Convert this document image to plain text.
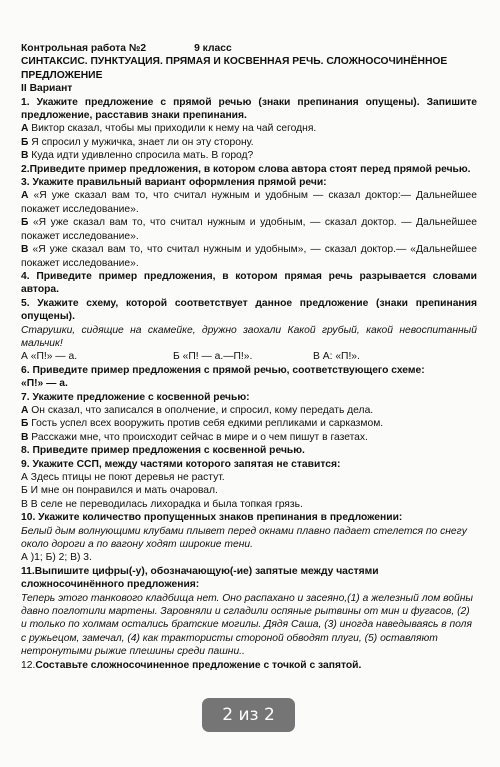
Контрольная работа №2	9 класс
СИНТАКСИС. ПУНКТУАЦИЯ. ПРЯМАЯ И КОСВЕННАЯ РЕЧЬ. СЛОЖНОСОЧИНЁННОЕ ПРЕДЛОЖЕНИЕ
II Вариант
1. Укажите предложение с прямой речью (знаки препинания опущены). Запишите предложение, расставив знаки препинания.
А Виктор сказал, чтобы мы приходили к нему на чай сегодня.
Б Я спросил у мужичка, знает ли он эту сторону.
В Куда идти удивленно спросила мать. В город?
2.Приведите пример предложения, в котором слова автора стоят перед прямой речью.
3. Укажите правильный вариант оформления прямой речи:
А «Я уже сказал вам то, что считал нужным и удобным — сказал доктор:— Дальнейшее покажет исследование».
Б «Я уже сказал вам то, что считал нужным и удобным, — сказал доктор. — Дальнейшее покажет исследование».
В «Я уже сказал вам то, что считал нужным и удобным», — сказал доктор.— «Дальнейшее покажет исследование».
4. Приведите пример предложения, в котором прямая речь разрывается словами автора.
5. Укажите схему, которой соответствует данное предложение (знаки препинания опущены).
Старушки, сидящие на скамейке, дружно заохали Какой грубый, какой невоспитанный мальчик!
А «П!» — а.	Б «П! — а.—П!».	В А: «П!».
6. Приведите пример предложения с прямой речью, соответствующего схеме:
«П!» — а.
7. Укажите предложение с косвенной речью:
А Он сказал, что записался в ополчение, и спросил, кому передать дела.
Б Гость успел всех вооружить против себя едкими репликами и сарказмом.
В Расскажи мне, что происходит сейчас в мире и о чем пишут в газетах.
8. Приведите пример предложения с косвенной речью.
9. Укажите ССП, между частями которого запятая не ставится:
А Здесь птицы не поют деревья не растут.
Б И мне он понравился и мать очаровал.
В В селе не переводилась лихорадка и была топкая грязь.
10. Укажите количество пропущенных знаков препинания в предложении:
Белый дым волнующими клубами плывет перед окнами плавно падает стелется по снегу около дороги а по вагону ходят широкие тени.
А )1; Б) 2; В) 3.
11.Выпишите цифры(-у), обозначающую(-ие) запятые между частями сложносочинённого предложения:
Теперь этого танкового кладбища нет. Оно распахано и засеяно,(1) а железный лом войны давно поглотили мартены. Заровняли и сгладили оспяные рытвины от мин и фугасов, (2) и только по холмам остались братские могилы. Дядя Саша, (3) иногда наведываясь в поля с ружьецом, замечал, (4) как трактористы стороной обводят плуги, (5) оставляют нетронутыми рыжие плешины среди пашни..
12.Составьте сложносочиненное предложение с точкой с запятой.
2 из 2
